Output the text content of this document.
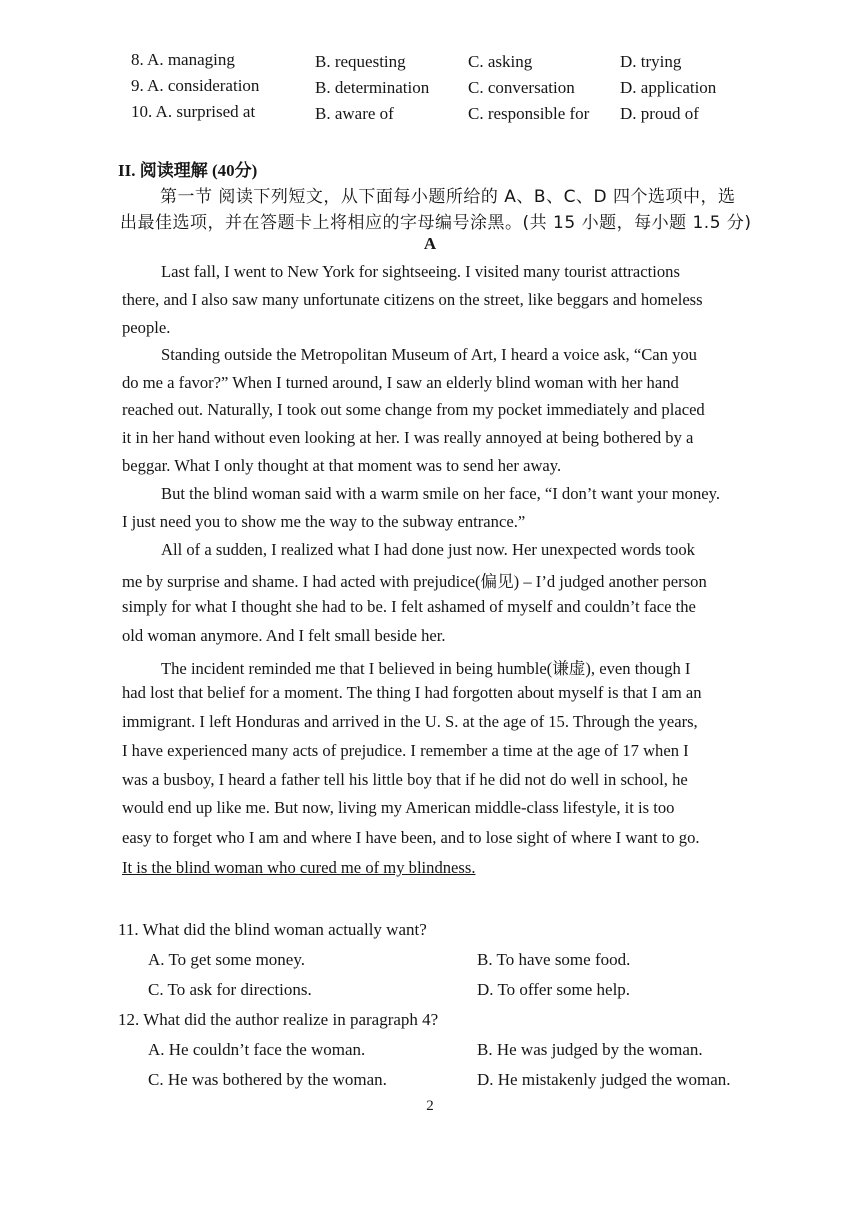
8. A. managing	B. requesting	C. asking	D. trying
9. A. consideration	B. determination C. conversation	D. application
10. A. surprised at	B. aware of	C. responsible for D. proud of
II. 阅读理解 (40分)
第一节 阅读下列短文，从下面每小题所给的 A、B、C、D 四个选项中，选
出最佳选项，并在答题卡上将相应的字母编号涂黑。(共 15 小题，每小题 1.5 分)
A
Last fall, I went to New York for sightseeing. I visited many tourist attractions
there, and I also saw many unfortunate citizens on the street, like beggars and homeless
people.
Standing outside the Metropolitan Museum of Art, I heard a voice ask, “Can you
do me a favor?” When I turned around, I saw an elderly blind woman with her hand
reached out. Naturally, I took out some change from my pocket immediately and placed
it in her hand without even looking at her. I was really annoyed at being bothered by a
beggar. What I only thought at that moment was to send her away.
But the blind woman said with a warm smile on her face, “I don’t want your money.
I just need you to show me the way to the subway entrance.”
All of a sudden, I realized what I had done just now. Her unexpected words took
me by surprise and shame. I had acted with prejudice(偏见) – I’d judged another person
simply for what I thought she had to be. I felt ashamed of myself and couldn’t face the
old woman anymore. And I felt small beside her.
The incident reminded me that I believed in being humble(谦虚), even though I
had lost that belief for a moment. The thing I had forgotten about myself is that I am an
immigrant. I left Honduras and arrived in the U. S. at the age of 15. Through the years,
I have experienced many acts of prejudice. I remember a time at the age of 17 when I
was a busboy, I heard a father tell his little boy that if he did not do well in school, he
would end up like me. But now, living my American middle-class lifestyle, it is too
easy to forget who I am and where I have been, and to lose sight of where I want to go.
It is the blind woman who cured me of my blindness.
11. What did the blind woman actually want?
A. To get some money.	B. To have some food.
C. To ask for directions.	D. To offer some help.
12. What did the author realize in paragraph 4?
A. He couldn’t face the woman.	B. He was judged by the woman.
C. He was bothered by the woman.	D. He mistakenly judged the woman.
2
